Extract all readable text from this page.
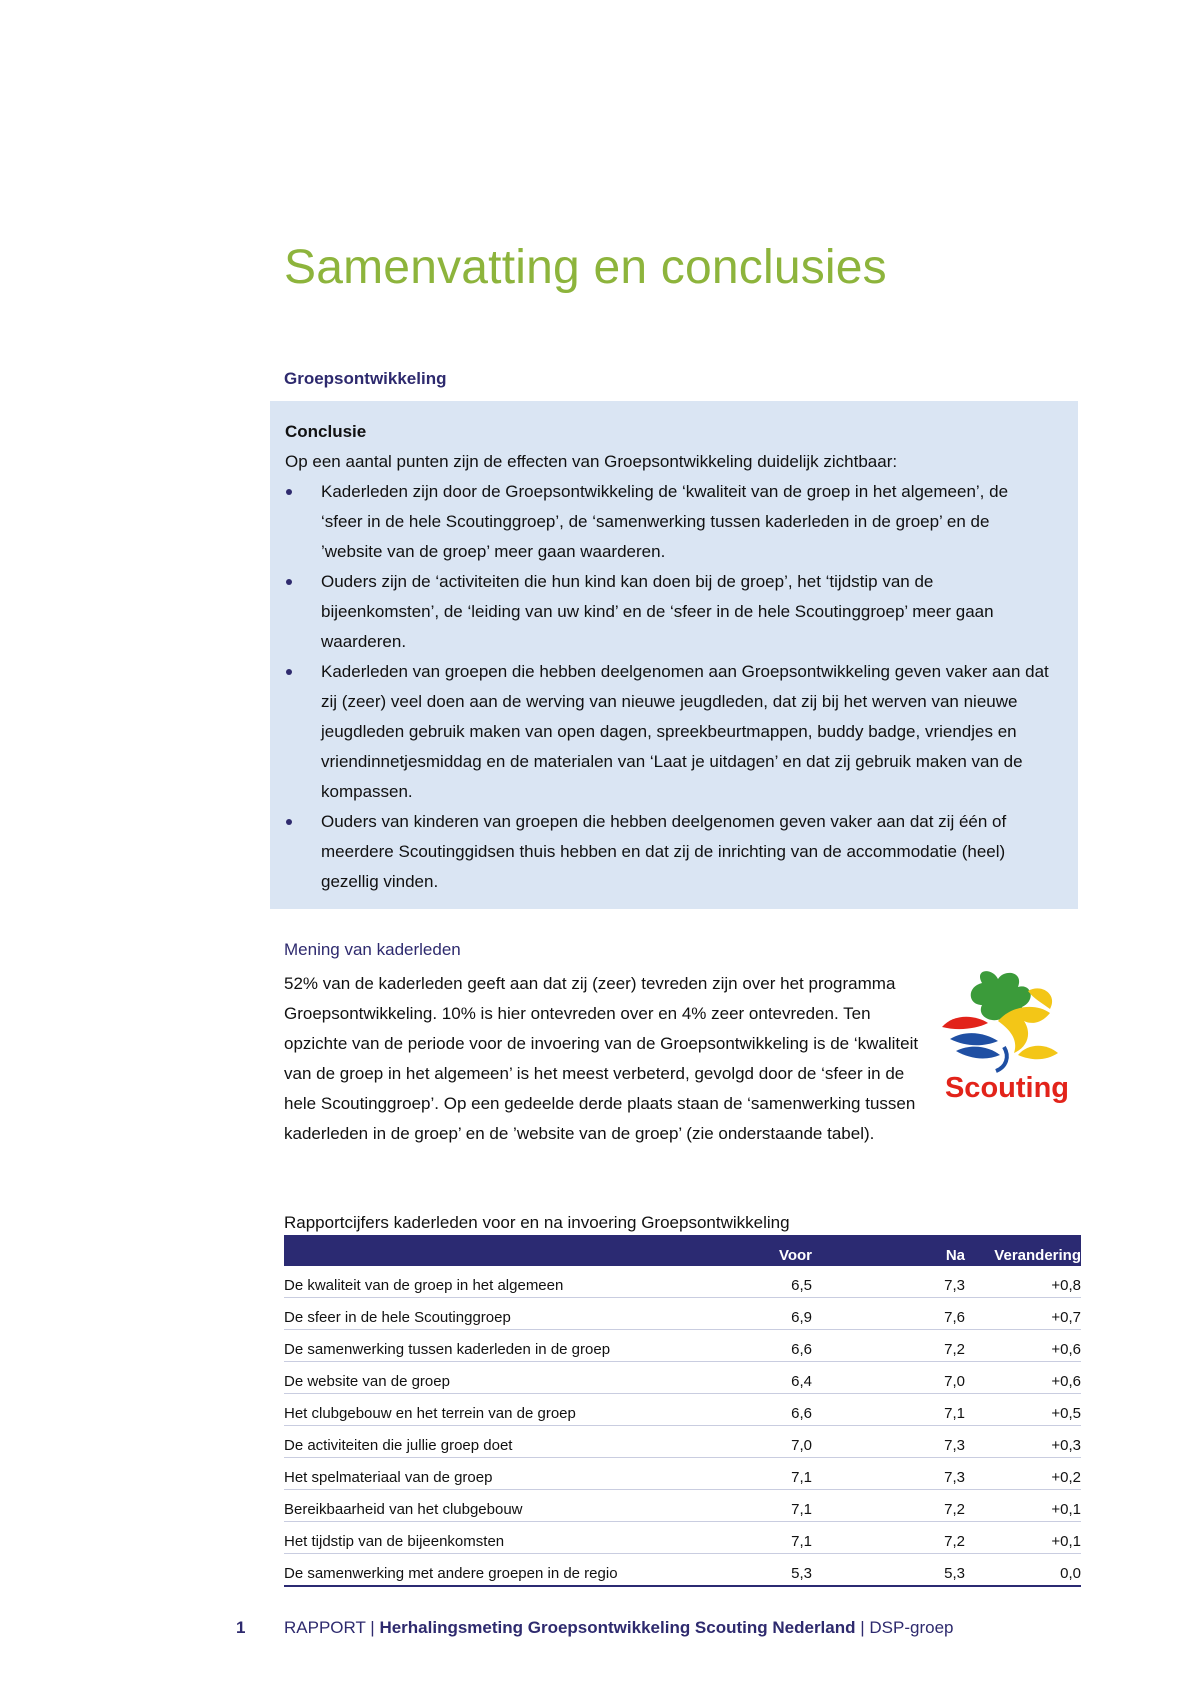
Samenvatting en conclusies
Groepsontwikkeling
Conclusie
Op een aantal punten zijn de effecten van Groepsontwikkeling duidelijk zichtbaar:
Kaderleden zijn door de Groepsontwikkeling de ‘kwaliteit van de groep in het algemeen’, de ‘sfeer in de hele Scoutinggroep’, de ‘samenwerking tussen kaderleden in de groep’ en de ’website van de groep’ meer gaan waarderen.
Ouders zijn de ‘activiteiten die hun kind kan doen bij de groep’, het ‘tijdstip van de bijeenkomsten’, de ‘leiding van uw kind’ en de ‘sfeer in de hele Scoutinggroep’ meer gaan waarderen.
Kaderleden van groepen die hebben deelgenomen aan Groepsontwikkeling geven vaker aan dat zij (zeer) veel doen aan de werving van nieuwe jeugdleden, dat zij bij het werven van nieuwe jeugdleden gebruik maken van open dagen, spreekbeurtmappen, buddy badge, vriendjes en vriendinnetjesmiddag en de materialen van ‘Laat je uitdagen’ en dat zij gebruik maken van de kompassen.
Ouders van kinderen van groepen die hebben deelgenomen geven vaker aan dat zij één of meerdere Scoutinggidsen thuis hebben en dat zij de inrichting van de accommodatie (heel) gezellig vinden.
Mening van kaderleden
Scouting
52% van de kaderleden geeft aan dat zij (zeer) tevreden zijn over het programma Groepsontwikkeling. 10% is hier ontevreden over en 4% zeer ontevreden. Ten opzichte van de periode voor de invoering van de Groepsontwikkeling is de ‘kwaliteit van de groep in het algemeen’ is het meest verbeterd, gevolgd door de ‘sfeer in de hele Scoutinggroep’. Op een gedeelde derde plaats staan de ‘samenwerking tussen kaderleden in de groep’ en de ’website van de groep’ (zie onderstaande tabel).
Rapportcijfers kaderleden voor en na invoering Groepsontwikkeling
	Voor	Na	Verandering
De kwaliteit van de groep in het algemeen	6,5	7,3	+0,8
De sfeer in de hele Scoutinggroep	6,9	7,6	+0,7
De samenwerking tussen kaderleden in de groep	6,6	7,2	+0,6
De website van de groep	6,4	7,0	+0,6
Het clubgebouw en het terrein van de groep	6,6	7,1	+0,5
De activiteiten die jullie groep doet	7,0	7,3	+0,3
Het spelmateriaal van de groep	7,1	7,3	+0,2
Bereikbaarheid van het clubgebouw	7,1	7,2	+0,1
Het tijdstip van de bijeenkomsten	7,1	7,2	+0,1
De samenwerking met andere groepen in de regio	5,3	5,3	0,0
1 RAPPORT | Herhalingsmeting Groepsontwikkeling Scouting Nederland | DSP-groep
